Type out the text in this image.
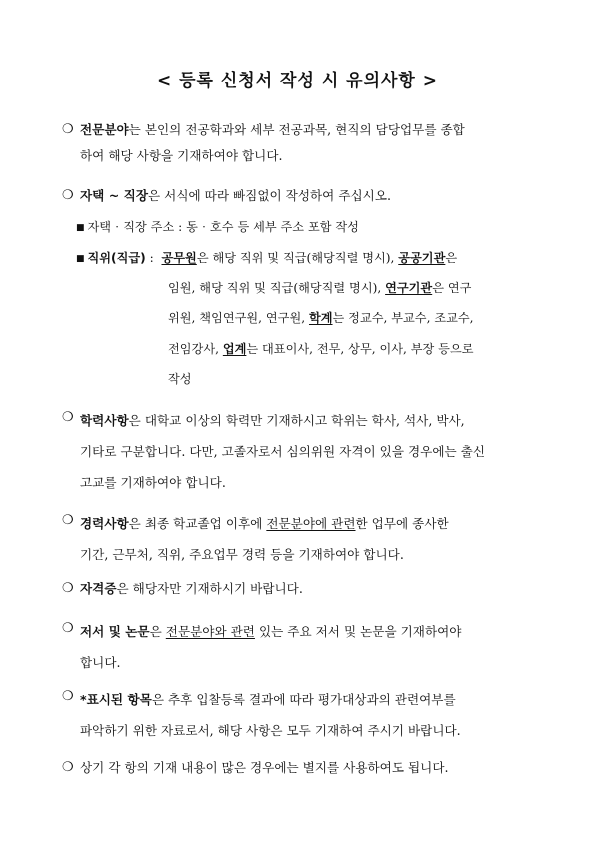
< 등록 신청서 작성 시 유의사항 >
❍ 전문분야는 본인의 전공학과와 세부 전공과목, 현직의 담당업무를 종합
하여 해당 사항을 기재하여야 합니다.
❍ 자택 ~ 직장은 서식에 따라 빠짐없이 작성하여 주십시오.
■ 자택‧직장 주소 : 동‧호수 등 세부 주소 포함 작성
■ 직위(직급) :  공무원은 해당 직위 및 직급(해당직렬 명시), 공공기관은
임원, 해당 직위 및 직급(해당직렬 명시), 연구기관은 연구
위원, 책임연구원, 연구원, 학계는 정교수, 부교수, 조교수,
전임강사, 업계는 대표이사, 전무, 상무, 이사, 부장 등으로
작성
❍ 학력사항은 대학교 이상의 학력만 기재하시고 학위는 학사, 석사, 박사,
기타로 구분합니다. 다만, 고졸자로서 심의위원 자격이 있을 경우에는 출신
고교를 기재하여야 합니다.
❍ 경력사항은 최종 학교졸업 이후에 전문분야에 관련한 업무에 종사한
기간, 근무처, 직위, 주요업무 경력 등을 기재하여야 합니다.
❍ 자격증은 해당자만 기재하시기 바랍니다.
❍ 저서 및 논문은 전문분야와 관련 있는 주요 저서 및 논문을 기재하여야
합니다.
❍ *표시된 항목은 추후 입찰등록 결과에 따라 평가대상과의 관련여부를
파악하기 위한 자료로서, 해당 사항은 모두 기재하여 주시기 바랍니다.
❍ 상기 각 항의 기재 내용이 많은 경우에는 별지를 사용하여도 됩니다.
